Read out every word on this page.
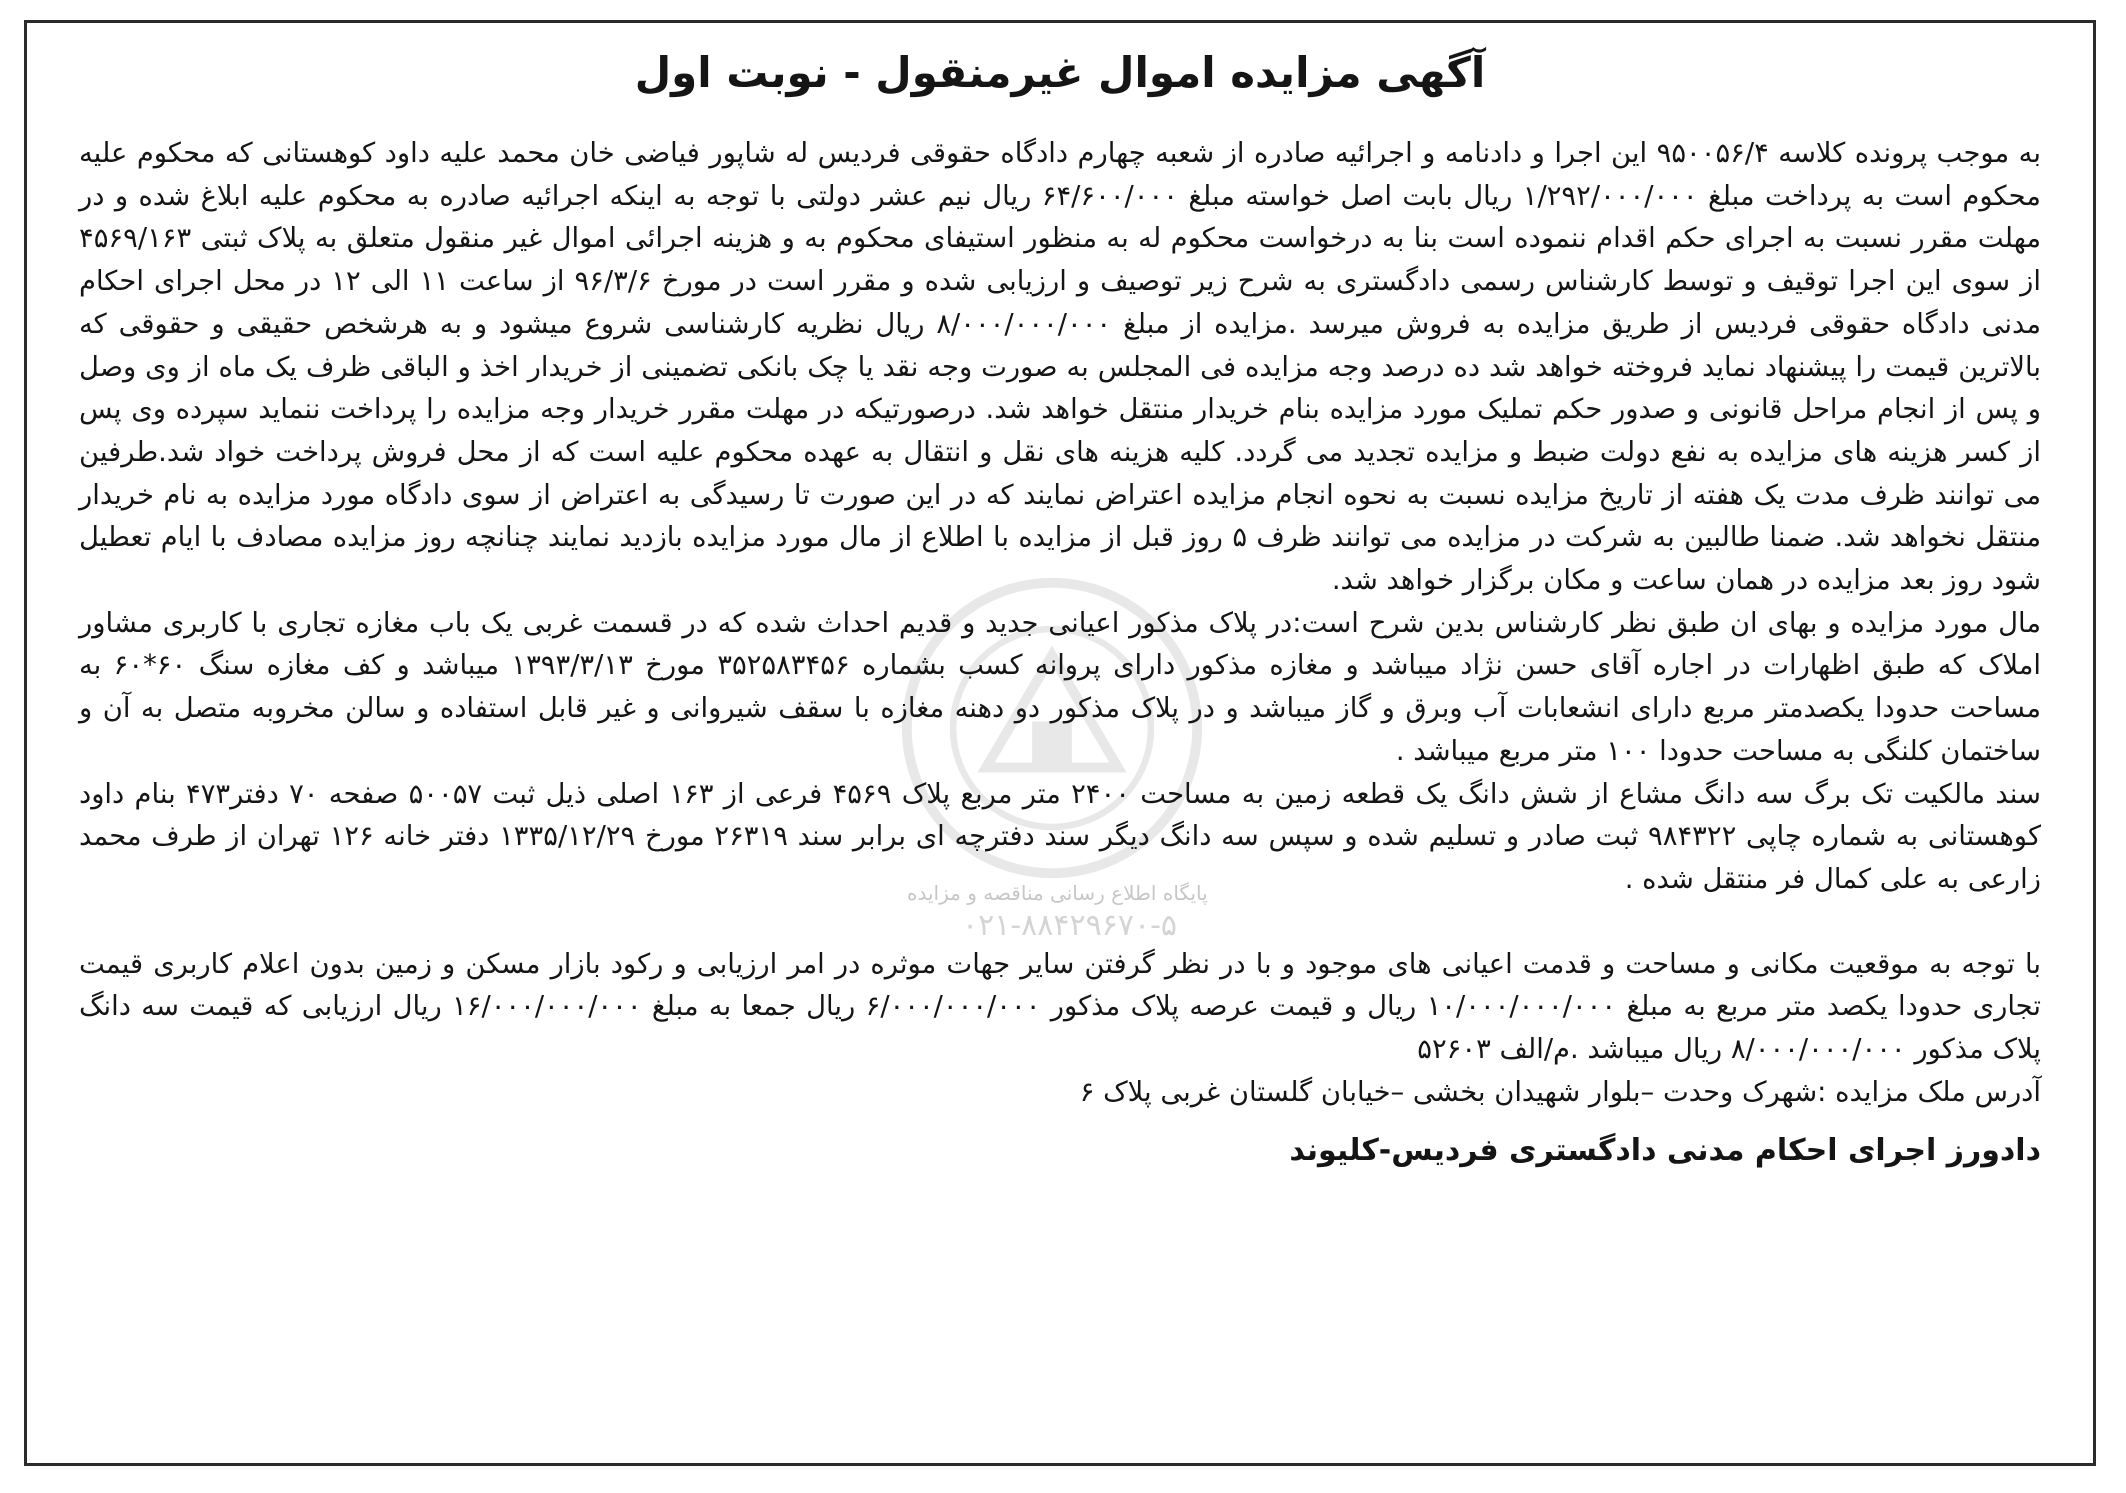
پایگاه اطلاع رسانی مناقصه و مزایده
۰۲۱-۸۸۴۲۹۶۷۰-۵
آگهی مزایده اموال غیرمنقول - نوبت اول

به موجب پرونده کلاسه ۹۵۰۰۵۶/۴ این اجرا و دادنامه و اجرائیه صادره از شعبه چهارم دادگاه حقوقی فردیس له شاپور فیاضی خان محمد علیه داود کوهستانی که محکوم علیه محکوم است به پرداخت مبلغ ۱/۲۹۲/۰۰۰/۰۰۰ ریال بابت اصل خواسته مبلغ ۶۴/۶۰۰/۰۰۰ ریال نیم عشر دولتی با توجه به اینکه اجرائیه صادره به محکوم علیه ابلاغ شده و در مهلت مقرر نسبت به اجرای حکم اقدام ننموده است بنا به درخواست محکوم له به منظور استیفای محکوم به و هزینه اجرائی اموال غیر منقول متعلق به پلاک ثبتی ۴۵۶۹/۱۶۳ از سوی این اجرا توقیف و توسط کارشناس رسمی دادگستری به شرح زیر توصیف و ارزیابی شده و مقرر است در مورخ ۹۶/۳/۶ از ساعت ۱۱ الی ۱۲ در محل اجرای احکام مدنی دادگاه حقوقی فردیس از طریق مزایده به فروش میرسد .مزایده از مبلغ ۸/۰۰۰/۰۰۰/۰۰۰ ریال نظریه کارشناسی شروع میشود و به هرشخص حقیقی و حقوقی که بالاترین قیمت را پیشنهاد نماید فروخته خواهد شد ده درصد وجه مزایده فی المجلس به صورت وجه نقد یا چک بانکی تضمینی از خریدار اخذ و الباقی ظرف یک ماه از وی وصل و پس از انجام مراحل قانونی و صدور حکم تملیک مورد مزایده بنام خریدار منتقل خواهد شد. درصورتیکه در مهلت مقرر خریدار وجه مزایده را پرداخت ننماید سپرده وی پس از کسر هزینه های مزایده به نفع دولت ضبط و مزایده تجدید می گردد. کلیه هزینه های نقل و انتقال به عهده محکوم علیه است که از محل فروش پرداخت خواد شد.طرفین می توانند ظرف مدت یک هفته از تاریخ مزایده نسبت به نحوه انجام مزایده اعتراض نمایند که در این صورت تا رسیدگی به اعتراض از سوی دادگاه مورد مزایده به نام خریدار منتقل نخواهد شد. ضمنا طالبین به شرکت در مزایده می توانند ظرف ۵ روز قبل از مزایده با اطلاع از مال مورد مزایده بازدید نمایند چنانچه روز مزایده مصادف با ایام تعطیل شود روز بعد مزایده در همان ساعت و مکان برگزار خواهد شد.

مال مورد مزایده و بهای ان طبق نظر کارشناس بدین شرح است:در پلاک مذکور اعیانی جدید و قدیم احداث شده که در قسمت غربی یک باب مغازه تجاری با کاربری مشاور املاک که طبق اظهارات در اجاره آقای حسن نژاد میباشد و مغازه مذکور دارای پروانه کسب بشماره ۳۵۲۵۸۳۴۵۶ مورخ ۱۳۹۳/۳/۱۳ میباشد و کف مغازه سنگ ۶۰*۶۰ به مساحت حدودا یکصدمتر مربع دارای انشعابات آب وبرق و گاز میباشد و در پلاک مذکور دو دهنه مغازه با سقف شیروانی و غیر قابل استفاده و سالن مخروبه متصل به آن و ساختمان کلنگی به مساحت حدودا ۱۰۰ متر مربع میباشد .

سند مالکیت تک برگ سه دانگ مشاع از شش دانگ یک قطعه زمین به مساحت ۲۴۰۰ متر مربع پلاک ۴۵۶۹ فرعی از ۱۶۳ اصلی ذیل ثبت ۵۰۰۵۷ صفحه ۷۰ دفتر۴۷۳ بنام داود کوهستانی به شماره چاپی ۹۸۴۳۲۲ ثبت صادر و تسلیم شده و سپس سه دانگ دیگر سند دفترچه ای برابر سند ۲۶۳۱۹ مورخ ۱۳۳۵/۱۲/۲۹ دفتر خانه ۱۲۶ تهران از طرف محمد زارعی به علی کمال فر منتقل شده .

با توجه به موقعیت مکانی و مساحت و قدمت اعیانی های موجود و با در نظر گرفتن سایر جهات موثره در امر ارزیابی و رکود بازار مسکن و زمین بدون اعلام کاربری قیمت تجاری حدودا یکصد متر مربع به مبلغ ۱۰/۰۰۰/۰۰۰/۰۰۰ ریال و قیمت عرصه پلاک مذکور ۶/۰۰۰/۰۰۰/۰۰۰ ریال جمعا به مبلغ ۱۶/۰۰۰/۰۰۰/۰۰۰ ریال ارزیابی که قیمت سه دانگ پلاک مذکور ۸/۰۰۰/۰۰۰/۰۰۰ ریال میباشد .م/الف ۵۲۶۰۳

آدرس ملک مزایده :شهرک وحدت –بلوار شهیدان بخشی –خیابان گلستان غربی پلاک ۶

دادورز اجرای احکام مدنی دادگستری فردیس-کلیوند
